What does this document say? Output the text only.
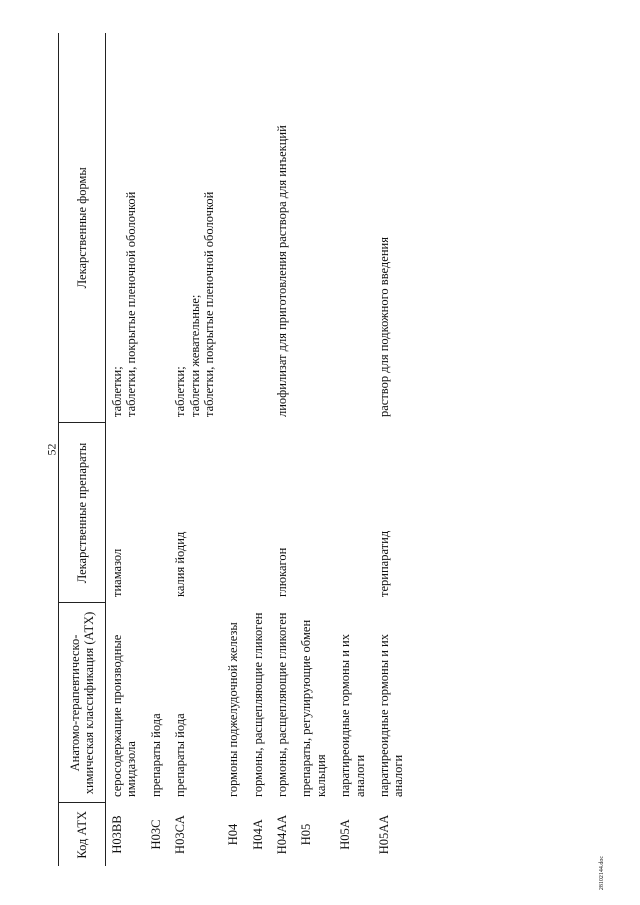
52
Код АТХ	Анатомо-терапевтическо-химическая классификация (АТХ)	Лекарственные препараты	Лекарственные формы
H03BB	серосодержащие производные имидазола	тиамазол	таблетки; таблетки, покрытые пленочной оболочкой

H03C	препараты йода		
H03CA	препараты йода	калия йодид	таблетки; таблетки жевательные; таблетки, покрытые пленочной оболочкой

H04	гормоны поджелудочной железы		
H04A	гормоны, расщепляющие гликоген		
H04AA	гормоны, расщепляющие гликоген	глюкагон	лиофилизат для приготовления раствора для инъекций

H05	препараты, регулирующие обмен кальция		
H05A	паратиреоидные гормоны и их аналоги		
H05AA	паратиреоидные гормоны и их аналоги	терипаратид	раствор для подкожного введения
28102144.doc
